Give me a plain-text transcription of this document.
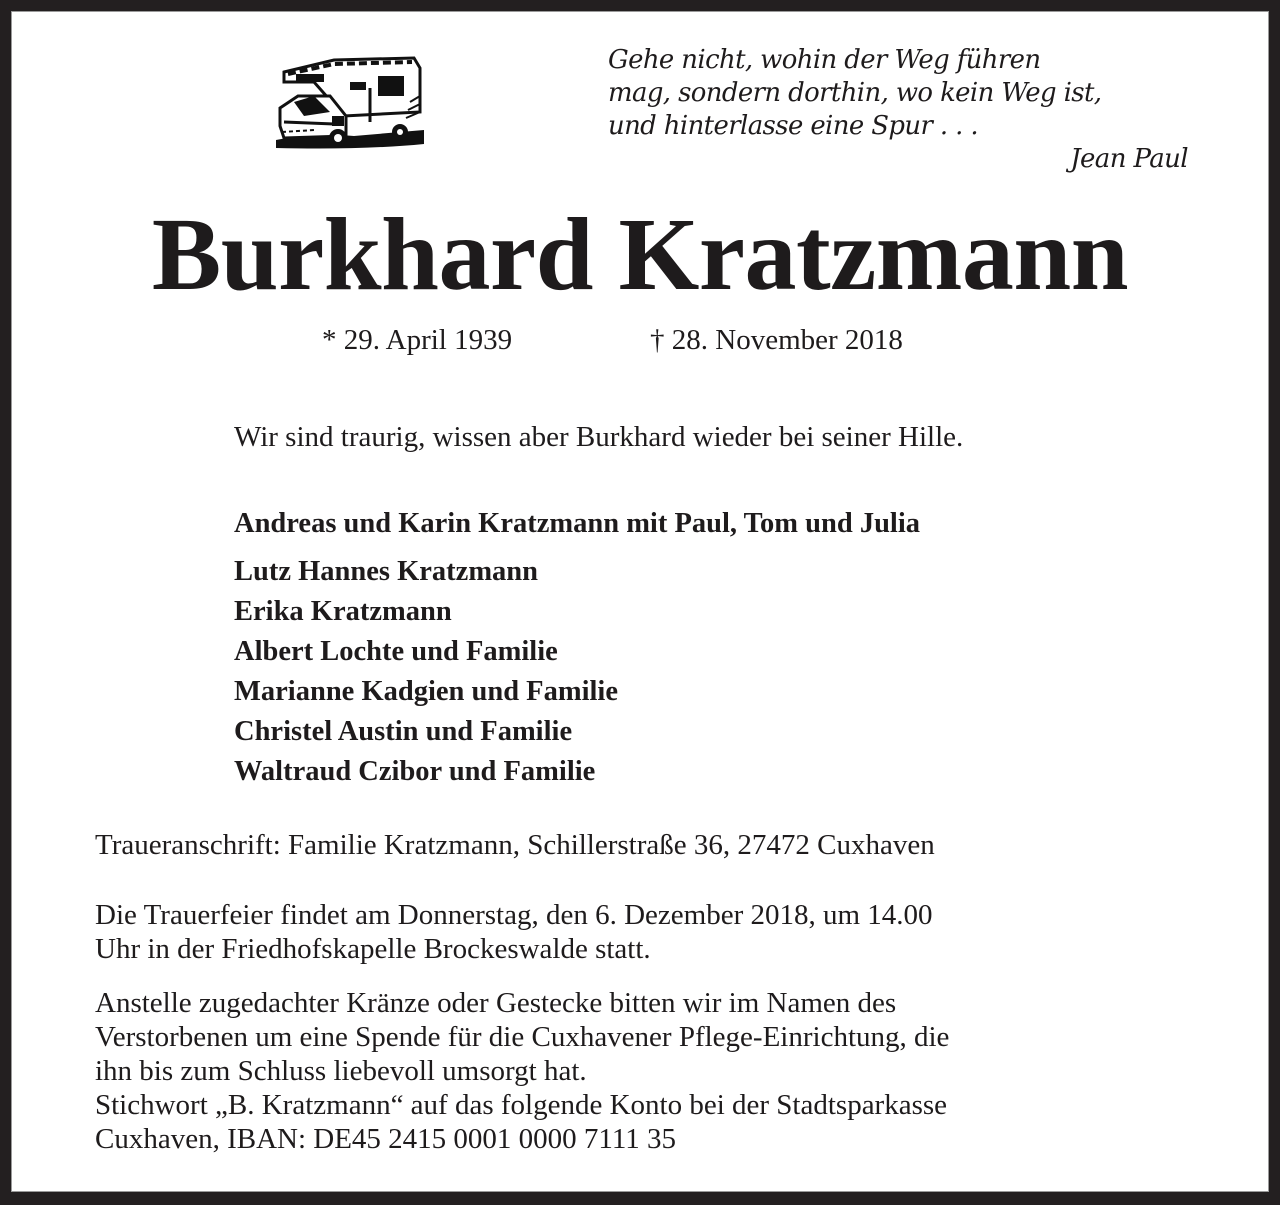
Gehe nicht, wohin der Weg führen
mag, sondern dorthin, wo kein Weg ist,
und hinterlasse eine Spur . . .
Jean Paul
Burkhard Kratzmann
* 29. April 1939	† 28. November 2018
Wir sind traurig, wissen aber Burkhard wieder bei seiner Hille.
Andreas und Karin Kratzmann mit Paul, Tom und Julia
Lutz Hannes Kratzmann
Erika Kratzmann
Albert Lochte und Familie
Marianne Kadgien und Familie
Christel Austin und Familie
Waltraud Czibor und Familie
Traueranschrift: Familie Kratzmann, Schillerstraße 36, 27472 Cuxhaven
Die Trauerfeier findet am Donnerstag, den 6. Dezember 2018, um 14.00
Uhr in der Friedhofskapelle Brockeswalde statt.
Anstelle zugedachter Kränze oder Gestecke bitten wir im Namen des
Verstorbenen um eine Spende für die Cuxhavener Pflege-Einrichtung, die
ihn bis zum Schluss liebevoll umsorgt hat.
Stichwort „B. Kratzmann“ auf das folgende Konto bei der Stadtsparkasse
Cuxhaven, IBAN: DE45 2415 0001 0000 7111 35
